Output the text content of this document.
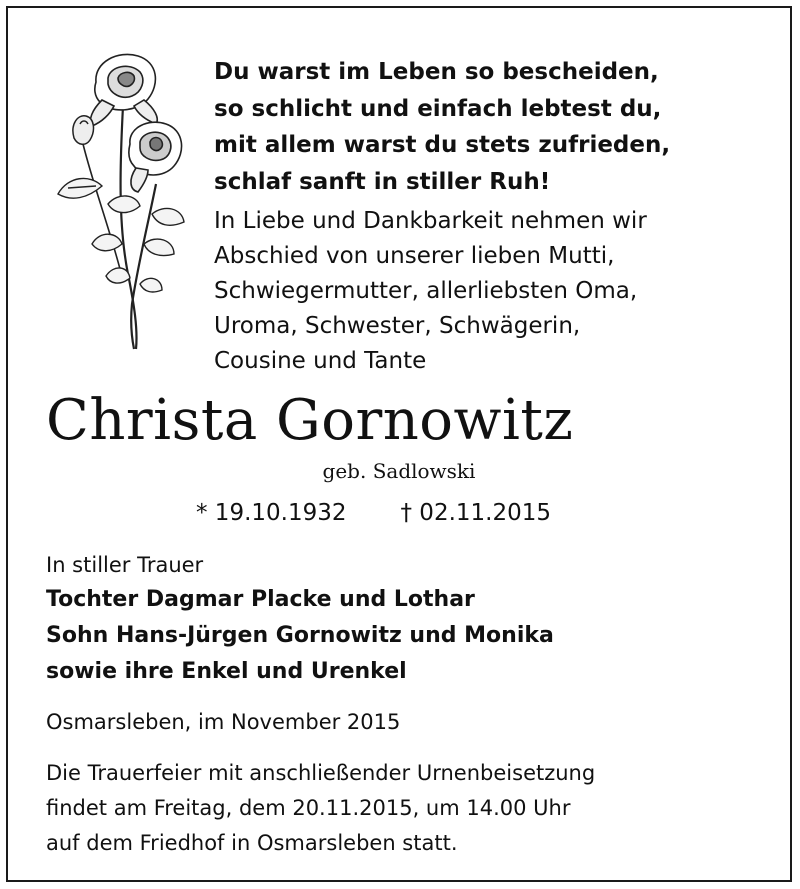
Du warst im Leben so bescheiden,
so schlicht und einfach lebtest du,
mit allem warst du stets zufrieden,
schlaf sanft in stiller Ruh!
In Liebe und Dankbarkeit nehmen wir
Abschied von unserer lieben Mutti,
Schwiegermutter, allerliebsten Oma,
Uroma, Schwester, Schwägerin,
Cousine und Tante
Christa Gornowitz
geb. Sadlowski
* 19.10.1932 † 02.11.2015
In stiller Trauer
Tochter Dagmar Placke und Lothar
Sohn Hans-Jürgen Gornowitz und Monika
sowie ihre Enkel und Urenkel
Osmarsleben, im November 2015
Die Trauerfeier mit anschließender Urnenbeisetzung
findet am Freitag, dem 20.11.2015, um 14.00 Uhr
auf dem Friedhof in Osmarsleben statt.
